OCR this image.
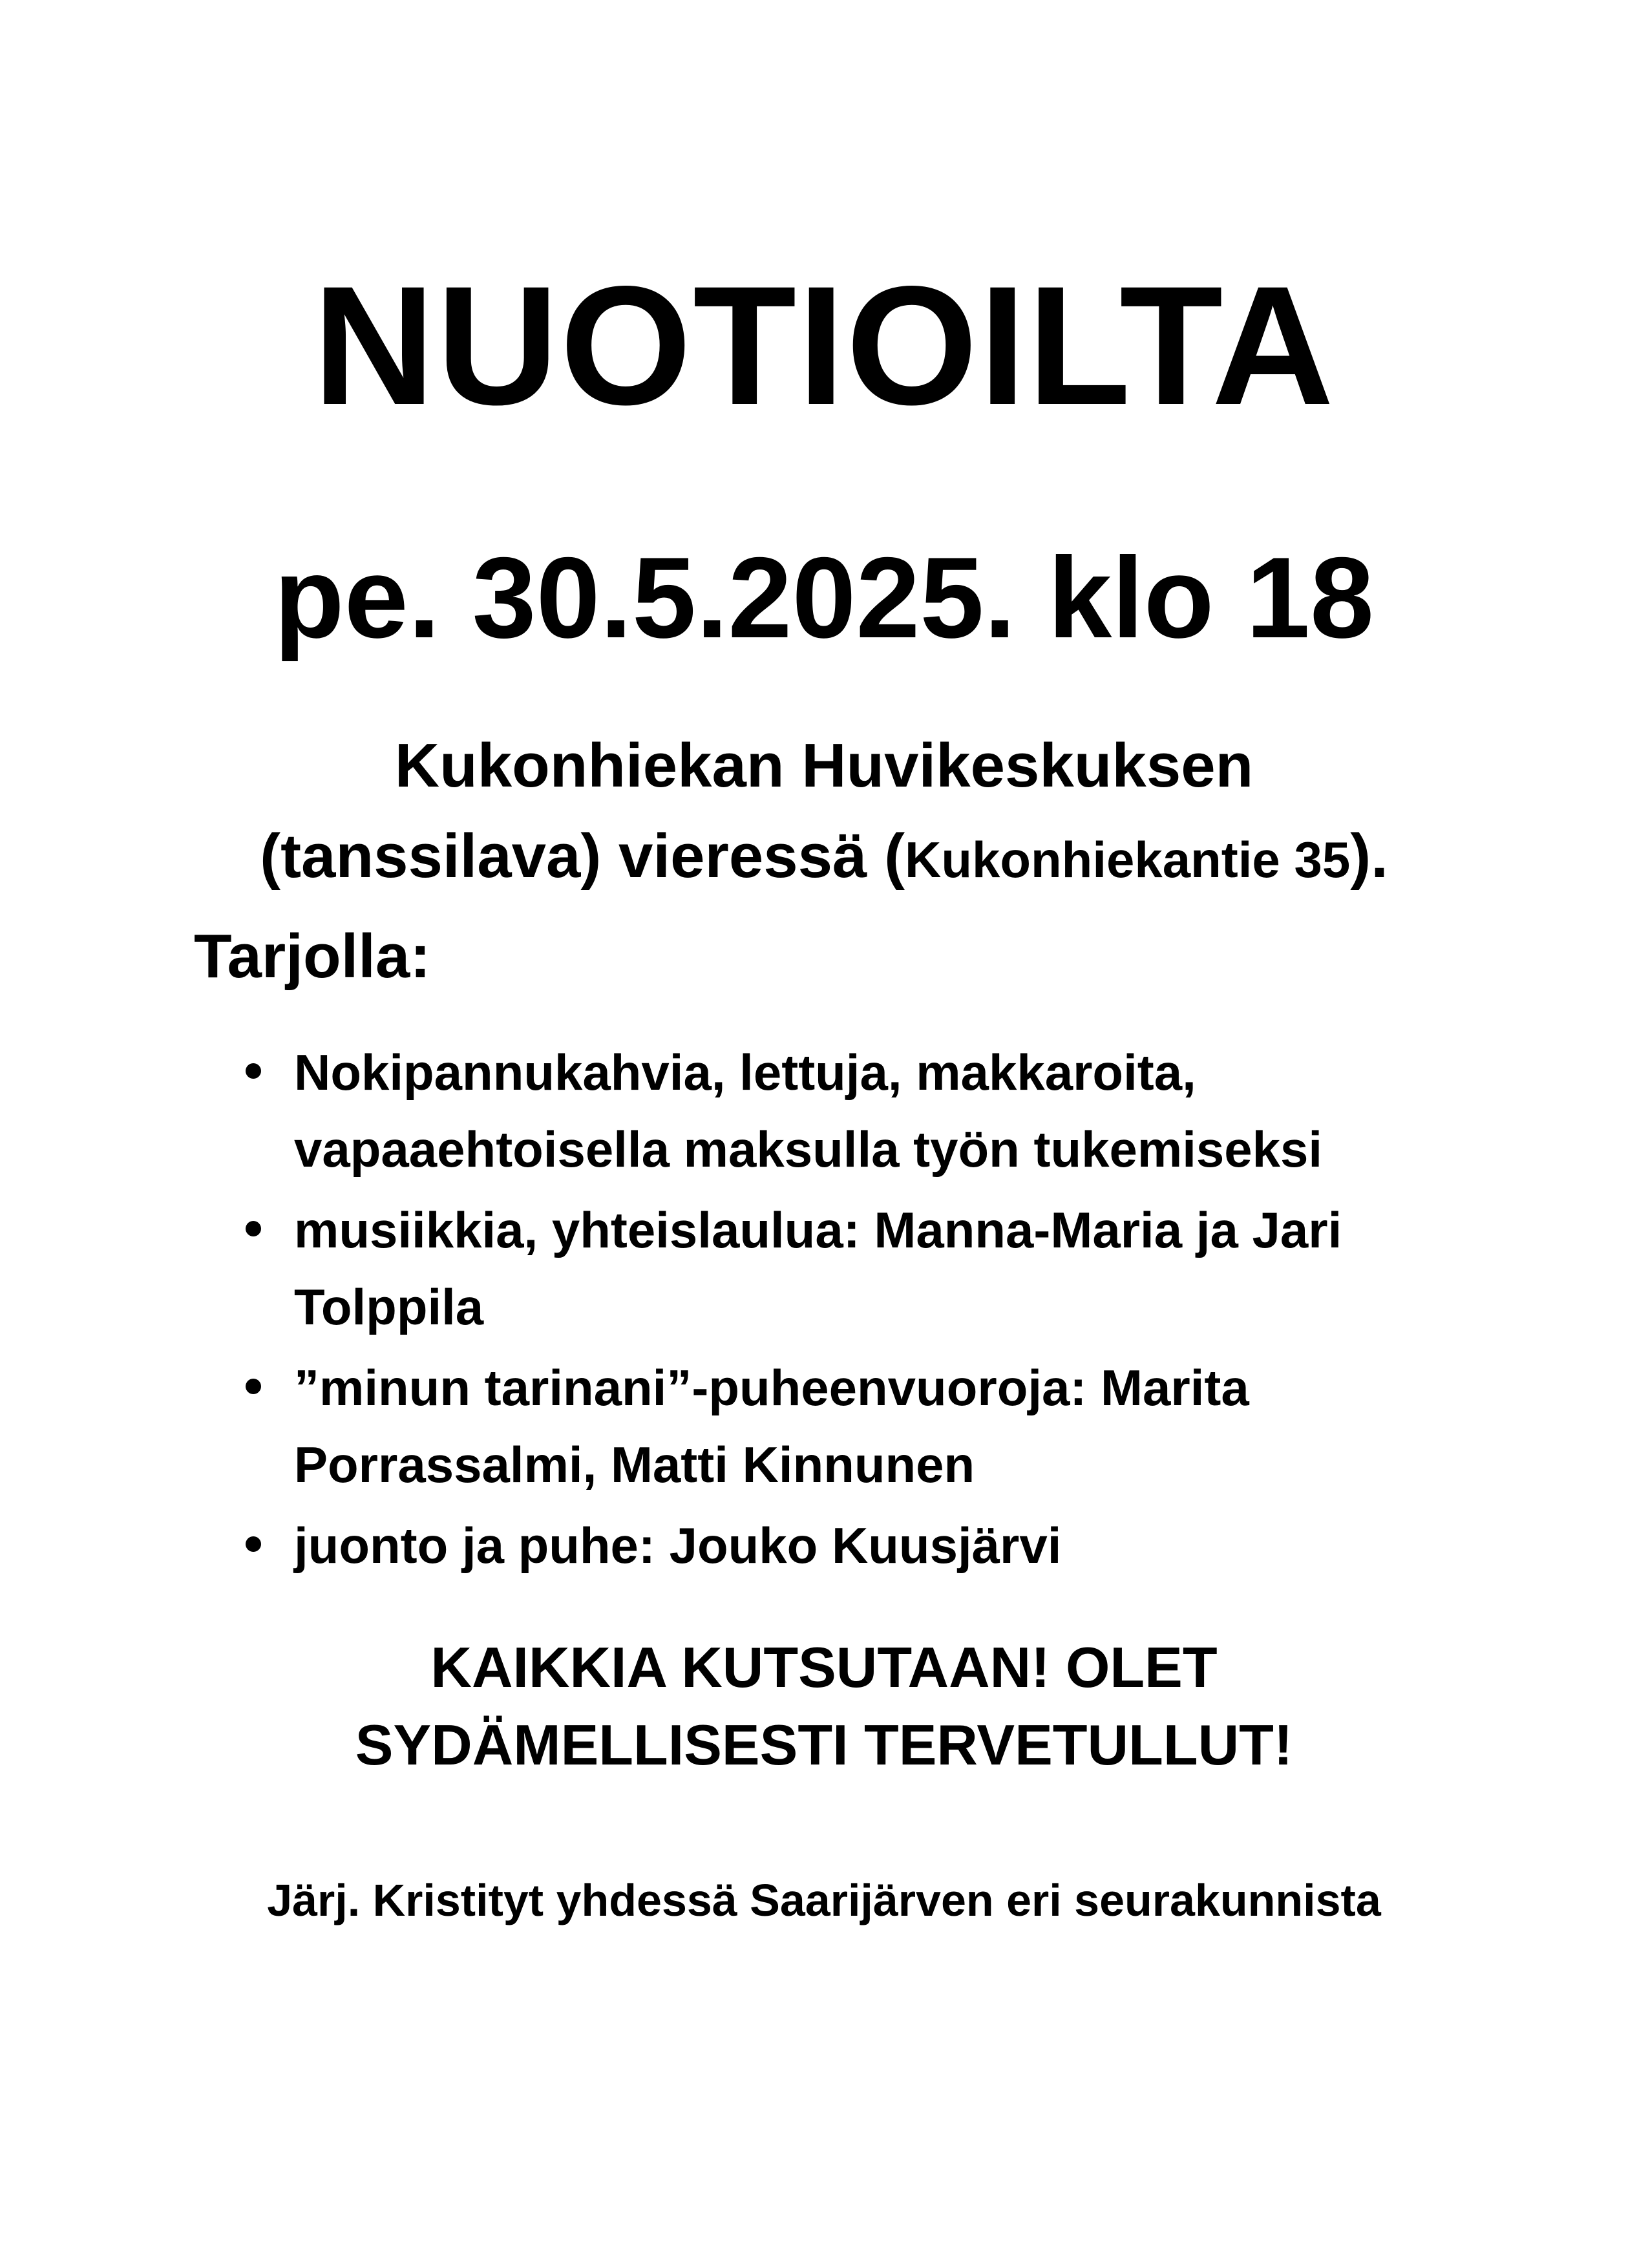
NUOTIOILTA
pe. 30.5.2025. klo 18
Kukonhiekan Huvikeskuksen
(tanssilava) vieressä (Kukonhiekantie 35).
Tarjolla:
Nokipannukahvia, lettuja, makkaroita, vapaaehtoisella maksulla työn tukemiseksi
musiikkia, yhteislaulua: Manna-Maria ja Jari Tolppila
”minun tarinani”-puheenvuoroja: Marita Porrassalmi, Matti Kinnunen
juonto ja puhe: Jouko Kuusjärvi
KAIKKIA KUTSUTAAN! OLET
SYDÄMELLISESTI TERVETULLUT!
Järj. Kristityt yhdessä Saarijärven eri seurakunnista
